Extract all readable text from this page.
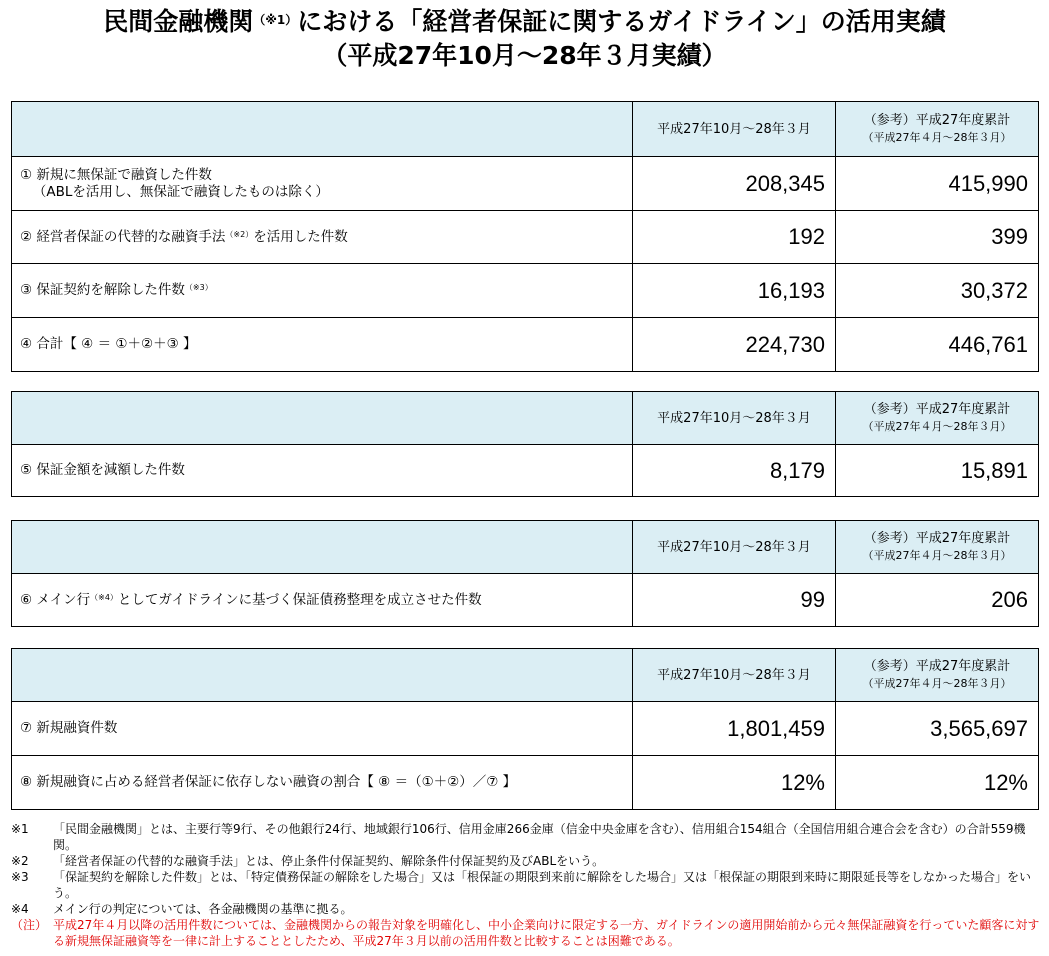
民間金融機関$^{(※1)}$における「経営者保証に関するガイドライン」の活用実績
（平成27年10月～28年３月実績）
	平成27年10月～28年３月	（参考）平成27年度累計
（平成27年４月～28年３月）
① 新規に無保証で融資した件数
（ABLを活用し、無保証で融資したものは除く）	208,345	415,990
② 経営者保証の代替的な融資手法$^{(※2)}$を活用した件数	192	399
③ 保証契約を解除した件数$^{(※3)}$	16,193	30,372
④ 合計【 ④ ＝ ①＋②＋③ 】	224,730	446,761
	平成27年10月～28年３月	（参考）平成27年度累計
（平成27年４月～28年３月）
⑤ 保証金額を減額した件数	8,179	15,891
	平成27年10月～28年３月	（参考）平成27年度累計
（平成27年４月～28年３月）
⑥ メイン行$^{(※4)}$としてガイドラインに基づく保証債務整理を成立させた件数	99	206
	平成27年10月～28年３月	（参考）平成27年度累計
（平成27年４月～28年３月）
⑦ 新規融資件数	1,801,459	3,565,697
⑧ 新規融資に占める経営者保証に依存しない融資の割合【 ⑧ ＝（①＋②）／⑦ 】	12%	12%
※1	「民間金融機関」とは、主要行等9行、その他銀行24行、地域銀行106行、信用金庫266金庫（信金中央金庫を含む）、信用組合154組合（全国信用組合連合会を含む）の合計559機関。
※2	「経営者保証の代替的な融資手法」とは、停止条件付保証契約、解除条件付保証契約及びABLをいう。
※3	「保証契約を解除した件数」とは、「特定債務保証の解除をした場合」又は「根保証の期限到来前に解除をした場合」又は「根保証の期限到来時に期限延長等をしなかった場合」をいう。
※4	メイン行の判定については、各金融機関の基準に拠る。
（注） 平成27年４月以降の活用件数については、金融機関からの報告対象を明確化し、中小企業向けに限定する一方、ガイドラインの適用開始前から元々無保証融資を行っていた顧客に対する新規無保証融資等を一律に計上することとしたため、平成27年３月以前の活用件数と比較することは困難である。
